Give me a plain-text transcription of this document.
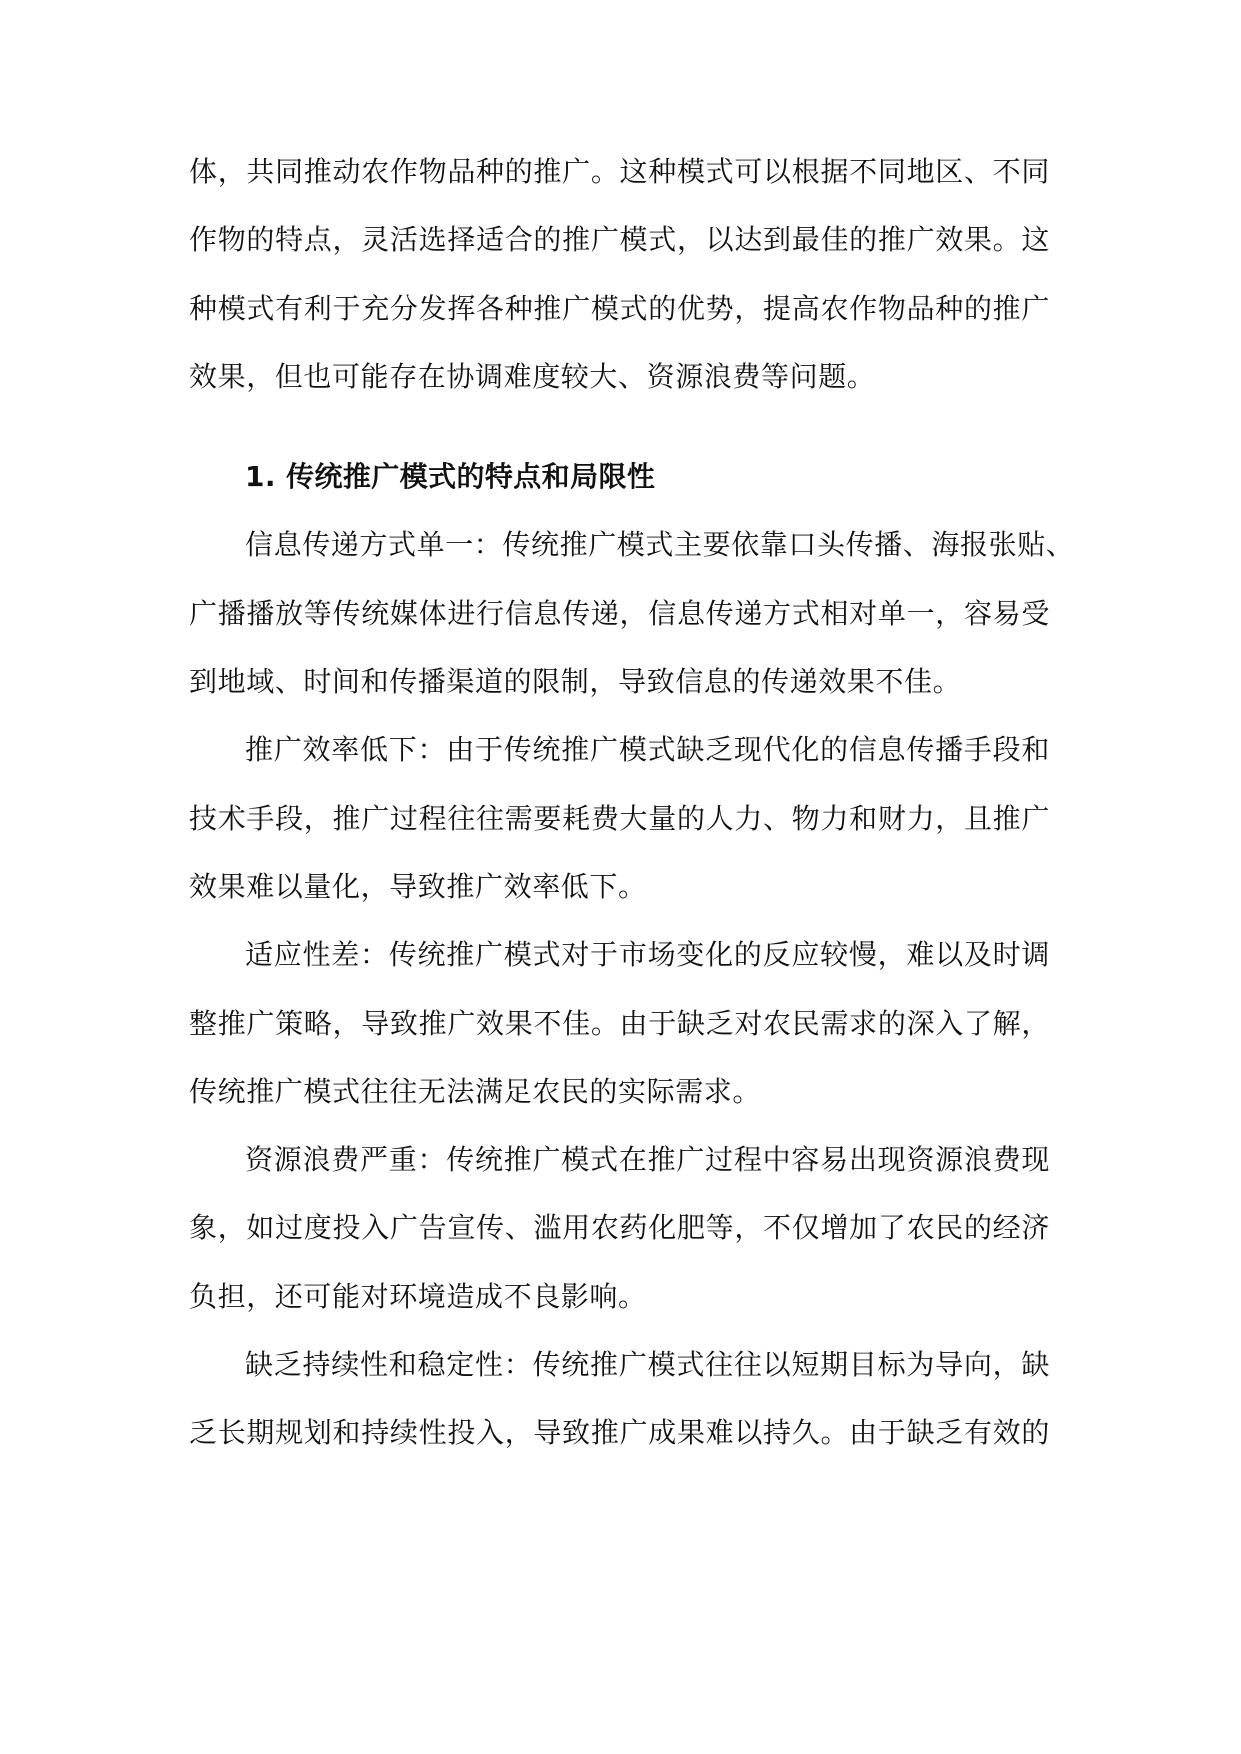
体，共同推动农作物品种的推广。这种模式可以根据不同地区、不同
作物的特点，灵活选择适合的推广模式，以达到最佳的推广效果。这
种模式有利于充分发挥各种推广模式的优势，提高农作物品种的推广
效果，但也可能存在协调难度较大、资源浪费等问题。
1. 传统推广模式的特点和局限性
信息传递方式单一：传统推广模式主要依靠口头传播、海报张贴、
广播播放等传统媒体进行信息传递，信息传递方式相对单一，容易受
到地域、时间和传播渠道的限制，导致信息的传递效果不佳。
推广效率低下：由于传统推广模式缺乏现代化的信息传播手段和
技术手段，推广过程往往需要耗费大量的人力、物力和财力，且推广
效果难以量化，导致推广效率低下。
适应性差：传统推广模式对于市场变化的反应较慢，难以及时调
整推广策略，导致推广效果不佳。由于缺乏对农民需求的深入了解，
传统推广模式往往无法满足农民的实际需求。
资源浪费严重：传统推广模式在推广过程中容易出现资源浪费现
象，如过度投入广告宣传、滥用农药化肥等，不仅增加了农民的经济
负担，还可能对环境造成不良影响。
缺乏持续性和稳定性：传统推广模式往往以短期目标为导向，缺
乏长期规划和持续性投入，导致推广成果难以持久。由于缺乏有效的
